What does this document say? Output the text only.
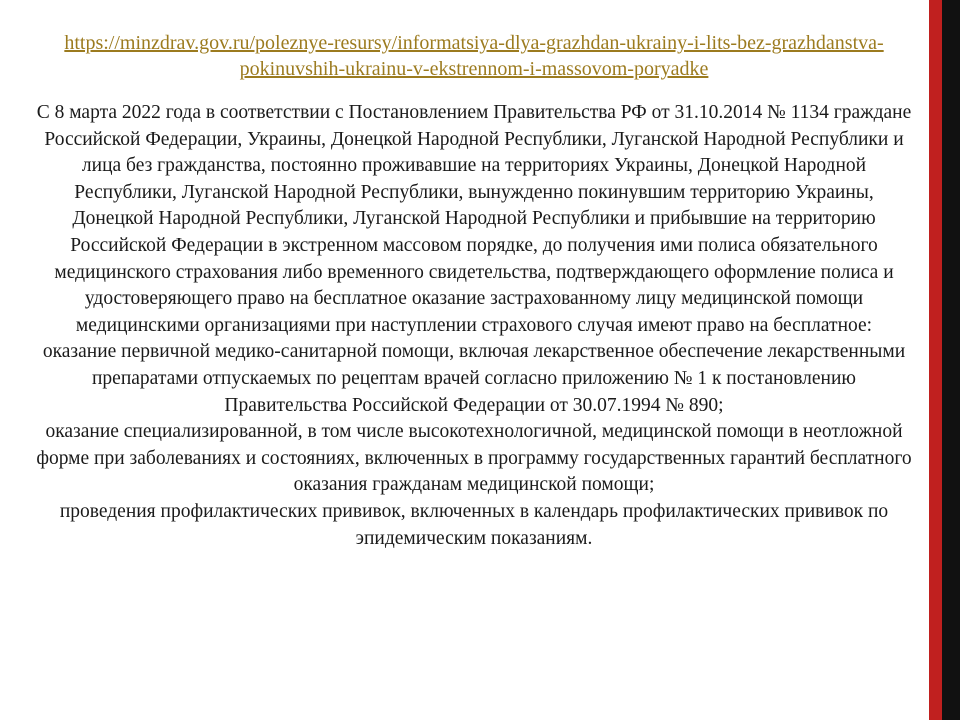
https://minzdrav.gov.ru/poleznye-resursy/informatsiya-dlya-grazhdan-ukrainy-i-lits-bez-grazhdanstva-pokinuvshih-ukrainu-v-ekstrennom-i-massovom-poryadke
С 8 марта 2022 года в соответствии с Постановлением Правительства РФ от 31.10.2014 № 1134 граждане Российской Федерации, Украины, Донецкой Народной Республики, Луганской Народной Республики и лица без гражданства, постоянно проживавшие на территориях Украины, Донецкой Народной Республики, Луганской Народной Республики, вынужденно покинувшим территорию Украины, Донецкой Народной Республики, Луганской Народной Республики и прибывшие на территорию Российской Федерации в экстренном массовом порядке, до получения ими полиса обязательного медицинского страхования либо временного свидетельства, подтверждающего оформление полиса и удостоверяющего право на бесплатное оказание застрахованному лицу медицинской помощи медицинскими организациями при наступлении страхового случая имеют право на бесплатное:
оказание первичной медико-санитарной помощи, включая лекарственное обеспечение лекарственными препаратами отпускаемых по рецептам врачей согласно приложению № 1 к постановлению Правительства Российской Федерации от 30.07.1994 № 890;
оказание специализированной, в том числе высокотехнологичной, медицинской помощи в неотложной форме при заболеваниях и состояниях, включенных в программу государственных гарантий бесплатного оказания гражданам медицинской помощи;
проведения профилактических прививок, включенных в календарь профилактических прививок по эпидемическим показаниям.
